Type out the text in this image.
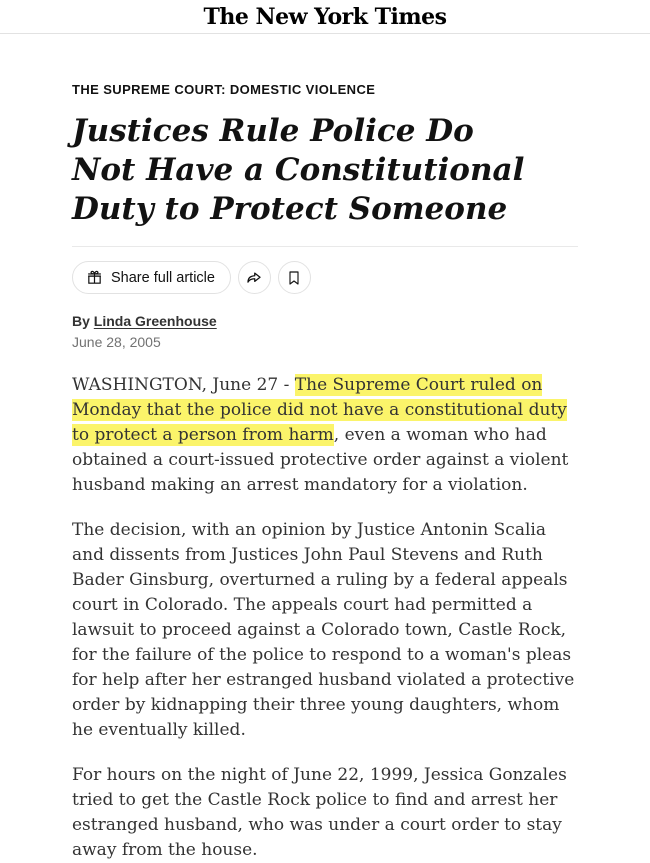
The New York Times
THE SUPREME COURT: DOMESTIC VIOLENCE
Justices Rule Police Do Not Have a Constitutional Duty to Protect Someone
Share full article
By Linda Greenhouse
June 28, 2005

WASHINGTON, June 27 - The Supreme Court ruled on Monday that the police did not have a constitutional duty to protect a person from harm, even a woman who had obtained a court-issued protective order against a violent husband making an arrest mandatory for a violation.

The decision, with an opinion by Justice Antonin Scalia and dissents from Justices John Paul Stevens and Ruth Bader Ginsburg, overturned a ruling by a federal appeals court in Colorado. The appeals court had permitted a lawsuit to proceed against a Colorado town, Castle Rock, for the failure of the police to respond to a woman's pleas for help after her estranged husband violated a protective order by kidnapping their three young daughters, whom he eventually killed.

For hours on the night of June 22, 1999, Jessica Gonzales tried to get the Castle Rock police to find and arrest her estranged husband, who was under a court order to stay away from the house.
